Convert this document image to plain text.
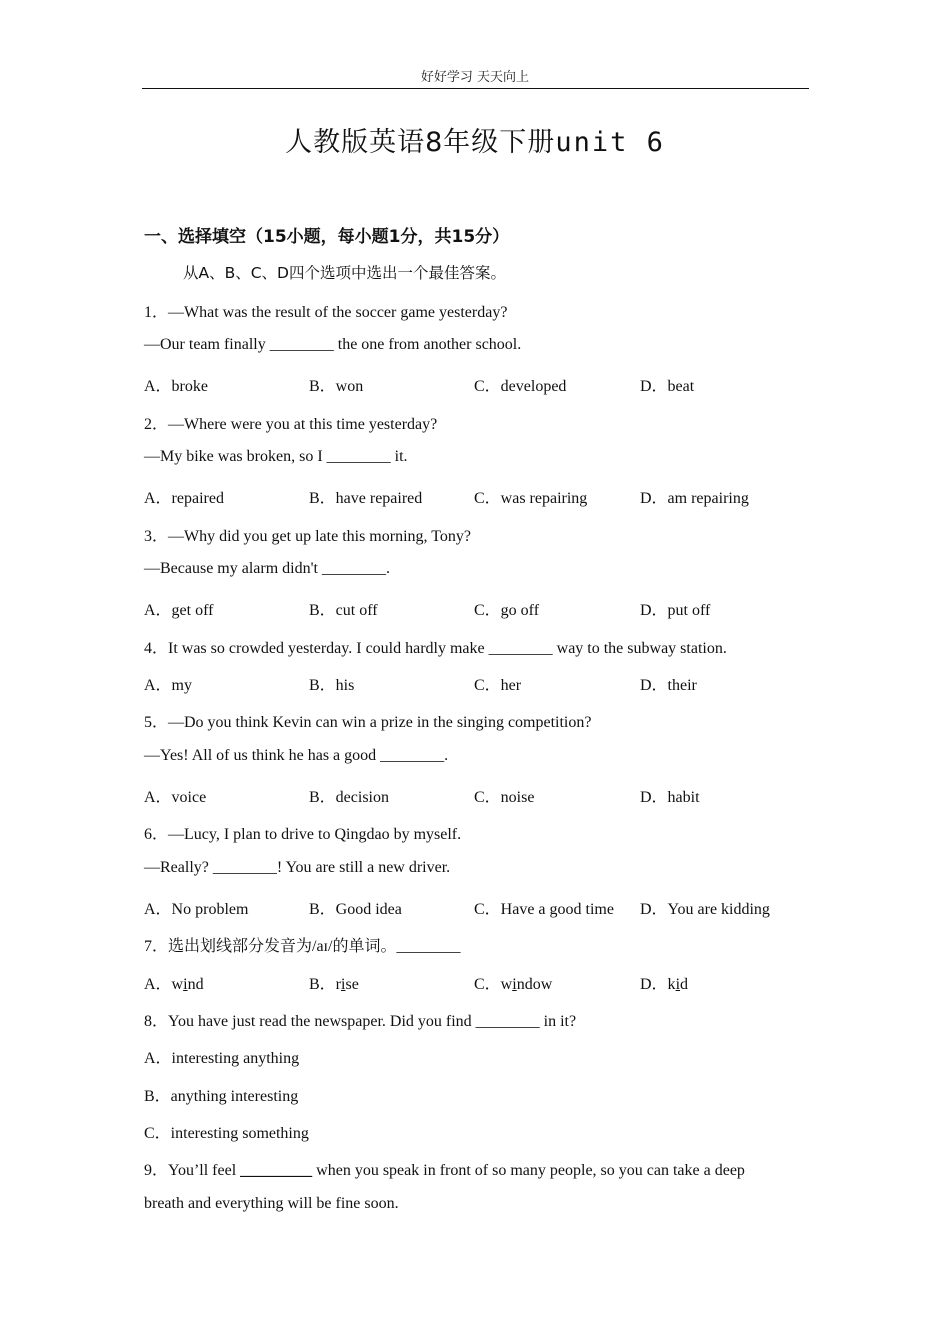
好好学习 天天向上
人教版英语8年级下册unit 6
一、选择填空（15小题，每小题1分，共15分）
从A、B、C、D四个选项中选出一个最佳答案。
1．—What was the result of the soccer game yesterday?
—Our team finally ________ the one from another school.
A．broke	B．won	C．developed	D．beat
2．—Where were you at this time yesterday?
—My bike was broken, so I ________ it.
A．repaired	B．have repaired	C．was repairing	D．am repairing
3．—Why did you get up late this morning, Tony?
—Because my alarm didn't ________.
A．get off	B．cut off	C．go off	D．put off
4．It was so crowded yesterday. I could hardly make ________ way to the subway station.
A．my	B．his	C．her	D．their
5．—Do you think Kevin can win a prize in the singing competition?
—Yes! All of us think he has a good ________.
A．voice	B．decision	C．noise	D．habit
6．—Lucy, I plan to drive to Qingdao by myself.
—Really? ________! You are still a new driver.
A．No problem	B．Good idea	C．Have a good time D．You are kidding
7．选出划线部分发音为/aɪ/的单词。________
A．wind	B．rise	C．window	D．kid
8．You have just read the newspaper. Did you find ________ in it?
A．interesting anything
B．anything interesting
C．interesting something
9．You’ll feel _________ when you speak in front of so many people, so you can take a deep
breath and everything will be fine soon.
